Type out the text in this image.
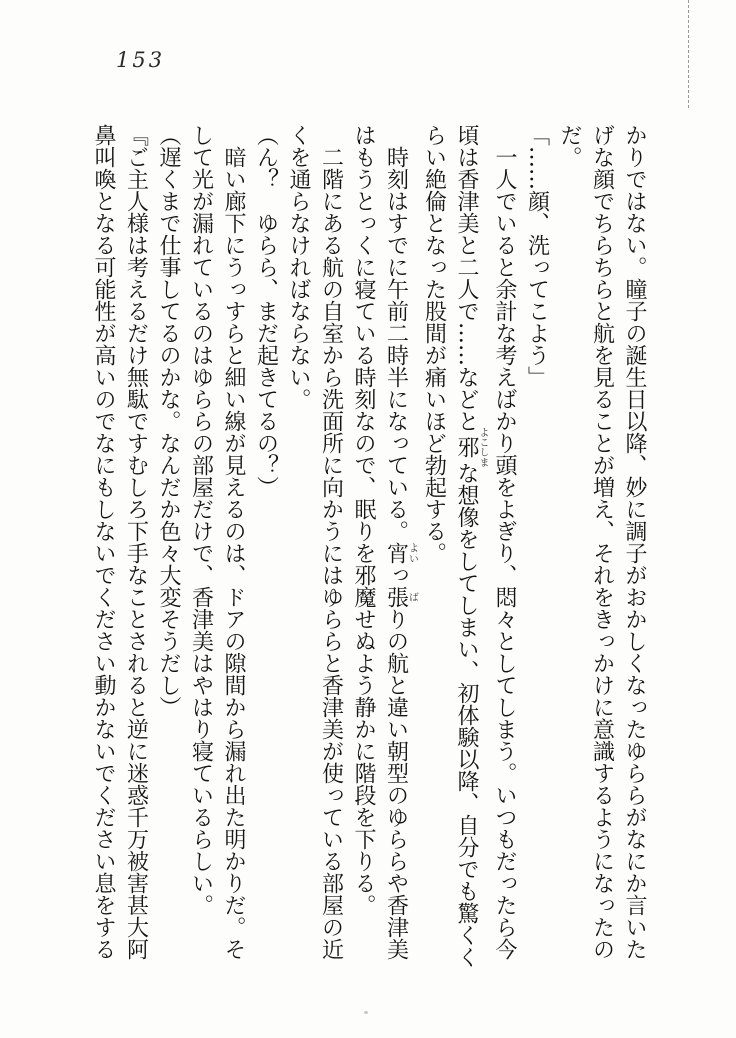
153
かりではない。瞳子の誕生日以降、妙に調子がおかしくなったゆららがなにか言いた
げな顔でちらちらと航を見ることが増え、それをきっかけに意識するようになったの
だ。
「……顔、洗ってこよう」
一人でいると余計な考えばかり頭をよぎり、悶々としてしまう。いつもだったら今
頃は香津美と二人で……などと邪よこしまな想像をしてしまい、初体験以降、自分でも驚くく
らい絶倫となった股間が痛いほど勃起する。
時刻はすでに午前二時半になっている。宵よいっ張ばりの航と違い朝型のゆららや香津美
はもうとっくに寝ている時刻なので、眠りを邪魔せぬよう静かに階段を下りる。
二階にある航の自室から洗面所に向かうにはゆららと香津美が使っている部屋の近
くを通らなければならない。
（ん？　ゆらら、まだ起きてるの？）
暗い廊下にうっすらと細い線が見えるのは、ドアの隙間から漏れ出た明かりだ。そ
して光が漏れているのはゆららの部屋だけで、香津美はやはり寝ているらしい。
（遅くまで仕事してるのかな。なんだか色々大変そうだし）
『ご主人様は考えるだけ無駄ですむしろ下手なことされると逆に迷惑千万被害甚大阿
鼻叫喚となる可能性が高いのでなにもしないでください動かないでください息をする
